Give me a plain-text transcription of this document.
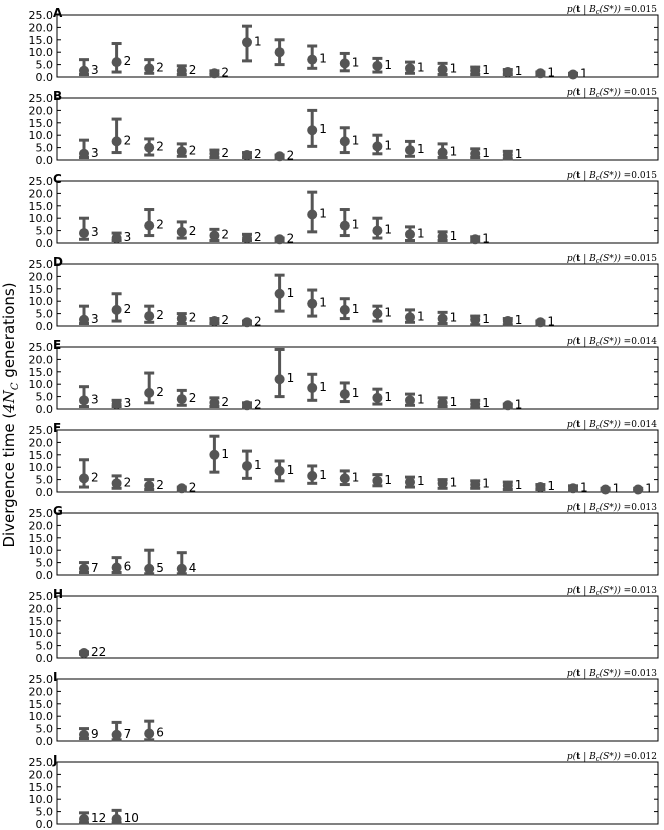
Divergence time ($4N_C$ generations)
0.0
5.0
10.0
15.0
20.0
25.0 A	p(t | $B_c(S*)) =0.015$
3
2 2 2 2
1
1 1 1 1 1 1 1 1 1
0.0
5.0
10.0
15.0
20.0
25.0 B	p(t | $B_c(S*)) =0.015$
3
2 2 2 2 2 2
1
1 1 1 1 1 1
0.0
5.0
10.0
15.0
20.0
25.0 C	p(t | $B_c(S*)) =0.015$
3 3
2 2 2 2 2
1
1 1 1 1 1
0.0
5.0
10.0
15.0
20.0
25.0 D	p(t | $B_c(S*)) =0.015$
3
2 2 2 2 2
1
1 1 1 1 1 1 1 1
0.0
5.0
10.0
15.0
20.0
25.0 E	p(t | $B_c(S*)) =0.014$
3 3
2 2 2 2
1
1 1 1 1 1 1 1
0.0
5.0
10.0
15.0
20.0
25.0 F	p(t | $B_c(S*)) =0.014$
2 2 2 2
1
1 1 1 1 1 1 1 1 1 1 1 1 1
0.0
5.0
10.0
15.0
20.0
25.0 G	p(t | $B_c(S*)) =0.013$
7 6 5 4
0.0
5.0
10.0
15.0
20.0
25.0 H	p(t | $B_c(S*)) =0.013$
22
0.0
5.0
10.0
15.0
20.0
25.0 I	p(t | $B_c(S*)) =0.013$
9 7 6
0.0
5.0
10.0
15.0
20.0
25.0 J	p(t | $B_c(S*)) =0.012$
12 10
